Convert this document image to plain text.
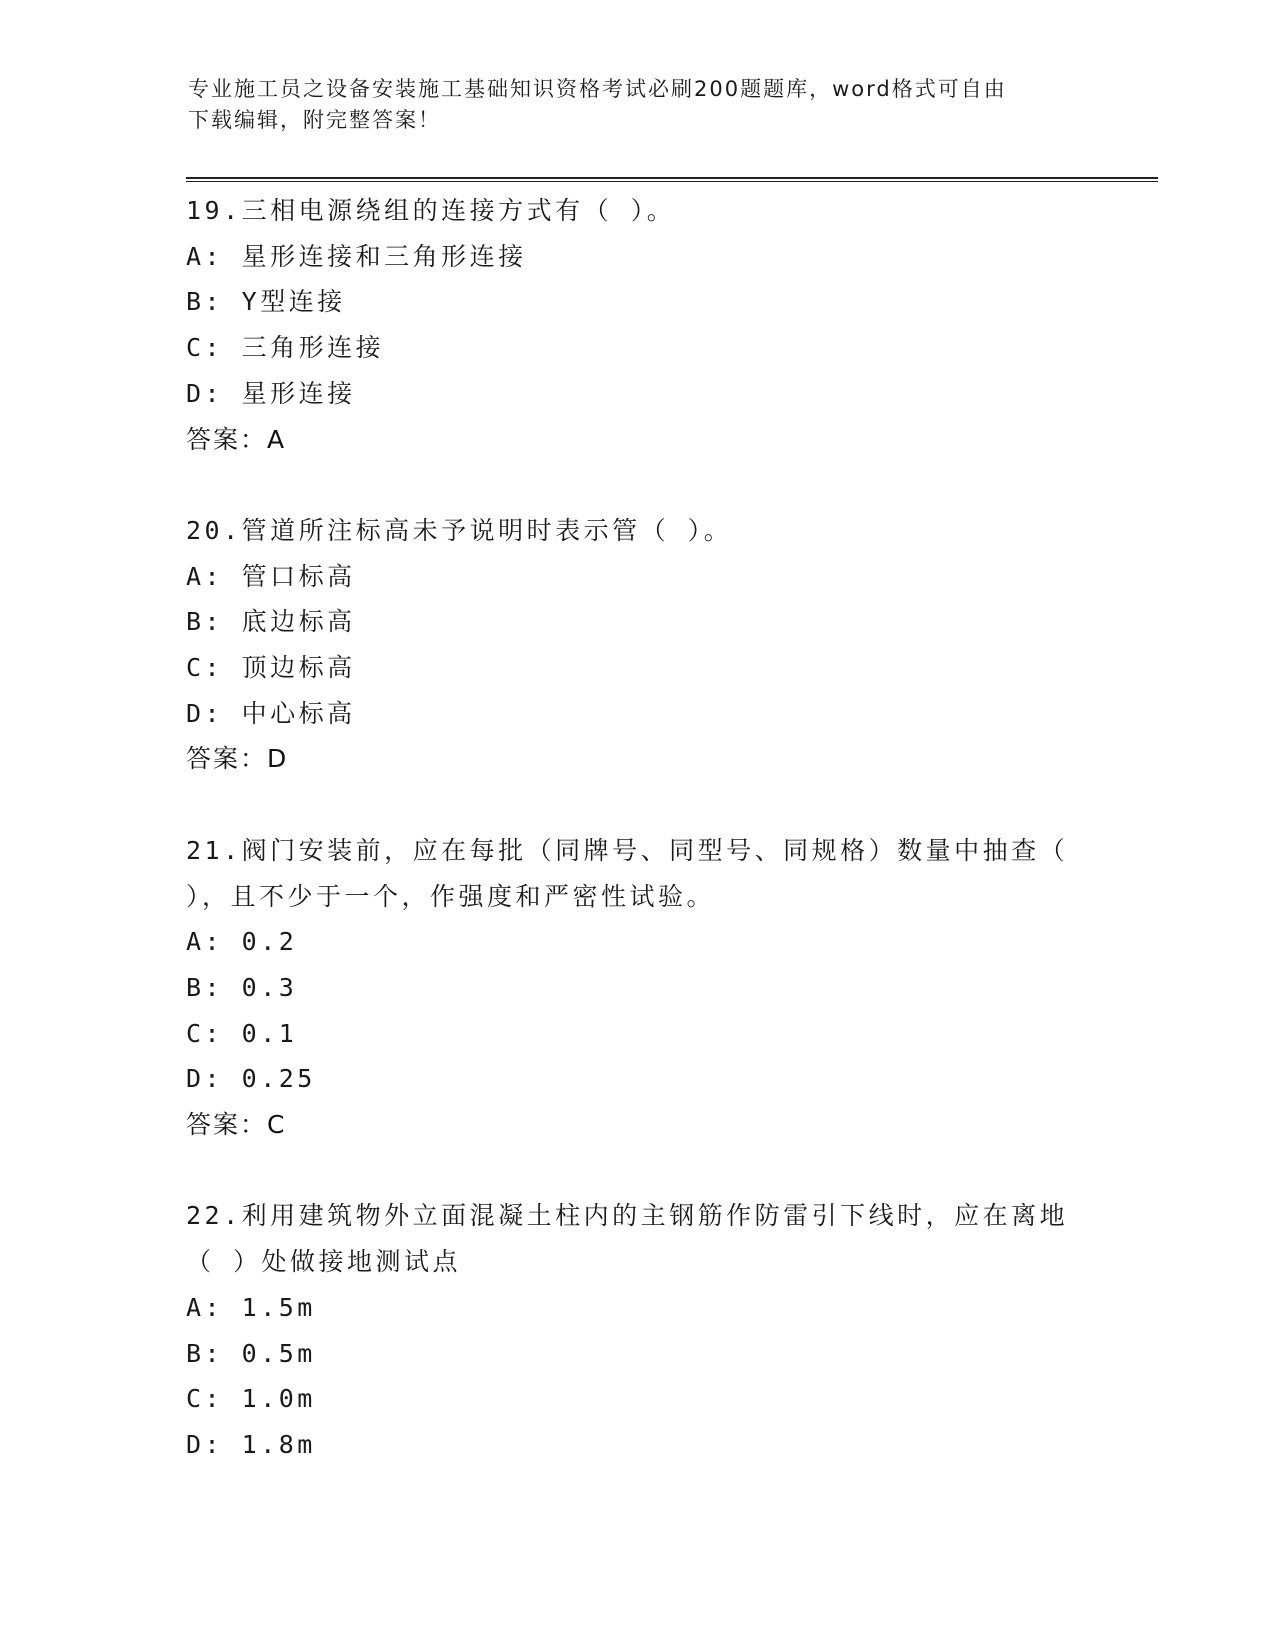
专业施工员之设备安装施工基础知识资格考试必刷200题题库，word格式可自由
下载编辑，附完整答案！
19.三相电源绕组的连接方式有（ ）。
A: 星形连接和三角形连接
B: Y型连接
C: 三角形连接
D: 星形连接
答案：A
20.管道所注标高未予说明时表示管（ ）。
A: 管口标高
B: 底边标高
C: 顶边标高
D: 中心标高
答案：D
21.阀门安装前，应在每批（同牌号、同型号、同规格）数量中抽查（
），且不少于一个，作强度和严密性试验。
A: 0.2
B: 0.3
C: 0.1
D: 0.25
答案：C
22.利用建筑物外立面混凝土柱内的主钢筋作防雷引下线时，应在离地
（ ）处做接地测试点
A: 1.5m
B: 0.5m
C: 1.0m
D: 1.8m
